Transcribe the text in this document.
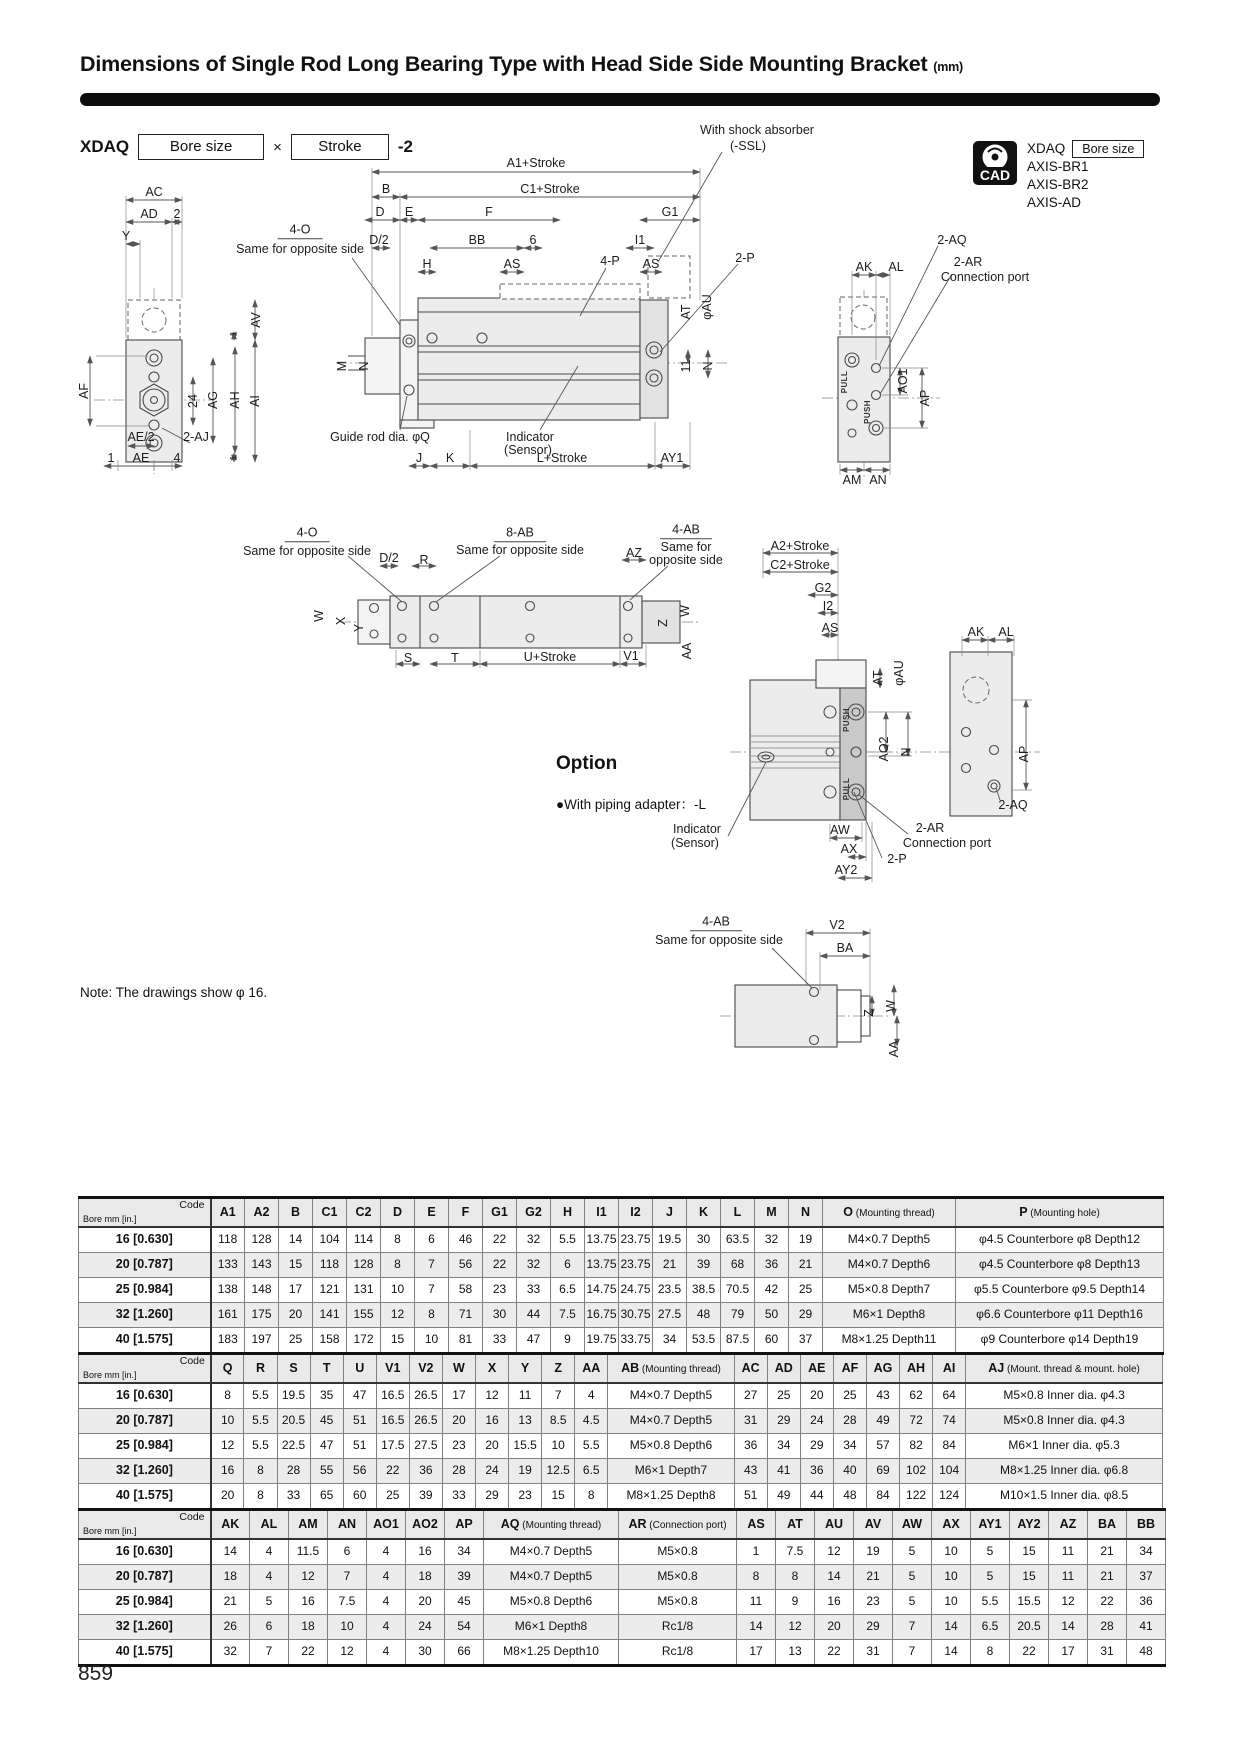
Dimensions of Single Rod Long Bearing Type with Head Side Side Mounting Bracket (mm)
XDAQ	Bore size	×	Stroke	-2
CAD
XDAQ	Bore size
AXIS-BR1
AXIS-BR2
AXIS-AD
AC
AD 2
Y	4-O
Same for opposite side
AV
1
AF
24 AG AH AI
1
AE/2 2-AJ
1 AE 4
A1+Stroke
B	C1+Stroke
D E	F	G1
D/2	BB	6	I1
H	AS	4-P AS
With shock absorber
(-SSL)
2-P
M N
AT φAU
11 N
Guide rod dia. φQ	Indicator
(Sensor)
J K	L+Stroke	AY1
2-AQ
AK AL	2-AR
Connection port
PULL
PUSH
AO1
AP
AM AN
4-O
Same for opposite side D/2 R
8-AB
Same for opposite side	AZ
4-AB
Same for
opposite side
A2+Stroke
C2+Stroke
G2
I2
AS
W X
Y
Z
W
AA
S	T	U+Stroke	V1
AK AL
AT φAU
PUSH
PULL
AO2 N	AP
2-AQ
Indicator
(Sensor)
AW	2-AR
Connection port
AX
2-P
AY2
4-AB
Same for opposite side
V2
BA
Z
W
AA
Option
●With piping adapter：-L
Note: The drawings show φ 16.
Code
Bore mm [in.]	A1	A2	B	C1	C2	D	E	F	G1	G2	H	I1	I2	J	K	L	M	N	O (Mounting thread)	P (Mounting hole)
16 [0.630]	118	128	14	104	114	8	6	46	22	32	5.5	13.75	23.75	19.5	30	63.5	32	19	M4×0.7 Depth5	φ4.5 Counterbore φ8 Depth12
20 [0.787]	133	143	15	118	128	8	7	56	22	32	6	13.75	23.75	21	39	68	36	21	M4×0.7 Depth6	φ4.5 Counterbore φ8 Depth13
25 [0.984]	138	148	17	121	131	10	7	58	23	33	6.5	14.75	24.75	23.5	38.5	70.5	42	25	M5×0.8 Depth7	φ5.5 Counterbore φ9.5 Depth14
32 [1.260]	161	175	20	141	155	12	8	71	30	44	7.5	16.75	30.75	27.5	48	79	50	29	M6×1 Depth8	φ6.6 Counterbore φ11 Depth16
40 [1.575]	183	197	25	158	172	15	10	81	33	47	9	19.75	33.75	34	53.5	87.5	60	37	M8×1.25 Depth11	φ9 Counterbore φ14 Depth19
Code
Bore mm [in.]	Q	R	S	T	U	V1	V2	W	X	Y	Z	AA	AB (Mounting thread)	AC	AD	AE	AF	AG	AH	AI	AJ (Mount. thread & mount. hole)
16 [0.630]	8	5.5	19.5	35	47	16.5	26.5	17	12	11	7	4	M4×0.7 Depth5	27	25	20	25	43	62	64	M5×0.8 Inner dia. φ4.3
20 [0.787]	10	5.5	20.5	45	51	16.5	26.5	20	16	13	8.5	4.5	M4×0.7 Depth5	31	29	24	28	49	72	74	M5×0.8 Inner dia. φ4.3
25 [0.984]	12	5.5	22.5	47	51	17.5	27.5	23	20	15.5	10	5.5	M5×0.8 Depth6	36	34	29	34	57	82	84	M6×1 Inner dia. φ5.3
32 [1.260]	16	8	28	55	56	22	36	28	24	19	12.5	6.5	M6×1 Depth7	43	41	36	40	69	102	104	M8×1.25 Inner dia. φ6.8
40 [1.575]	20	8	33	65	60	25	39	33	29	23	15	8	M8×1.25 Depth8	51	49	44	48	84	122	124	M10×1.5 Inner dia. φ8.5
Code
Bore mm [in.]	AK	AL	AM	AN	AO1	AO2	AP	AQ (Mounting thread)	AR (Connection port)	AS	AT	AU	AV	AW	AX	AY1	AY2	AZ	BA	BB
16 [0.630]	14	4	11.5	6	4	16	34	M4×0.7 Depth5	M5×0.8	1	7.5	12	19	5	10	5	15	11	21	34
20 [0.787]	18	4	12	7	4	18	39	M4×0.7 Depth5	M5×0.8	8	8	14	21	5	10	5	15	11	21	37
25 [0.984]	21	5	16	7.5	4	20	45	M5×0.8 Depth6	M5×0.8	11	9	16	23	5	10	5.5	15.5	12	22	36
32 [1.260]	26	6	18	10	4	24	54	M6×1 Depth8	Rc1/8	14	12	20	29	7	14	6.5	20.5	14	28	41
40 [1.575]	32	7	22	12	4	30	66	M8×1.25 Depth10	Rc1/8	17	13	22	31	7	14	8	22	17	31	48
859
